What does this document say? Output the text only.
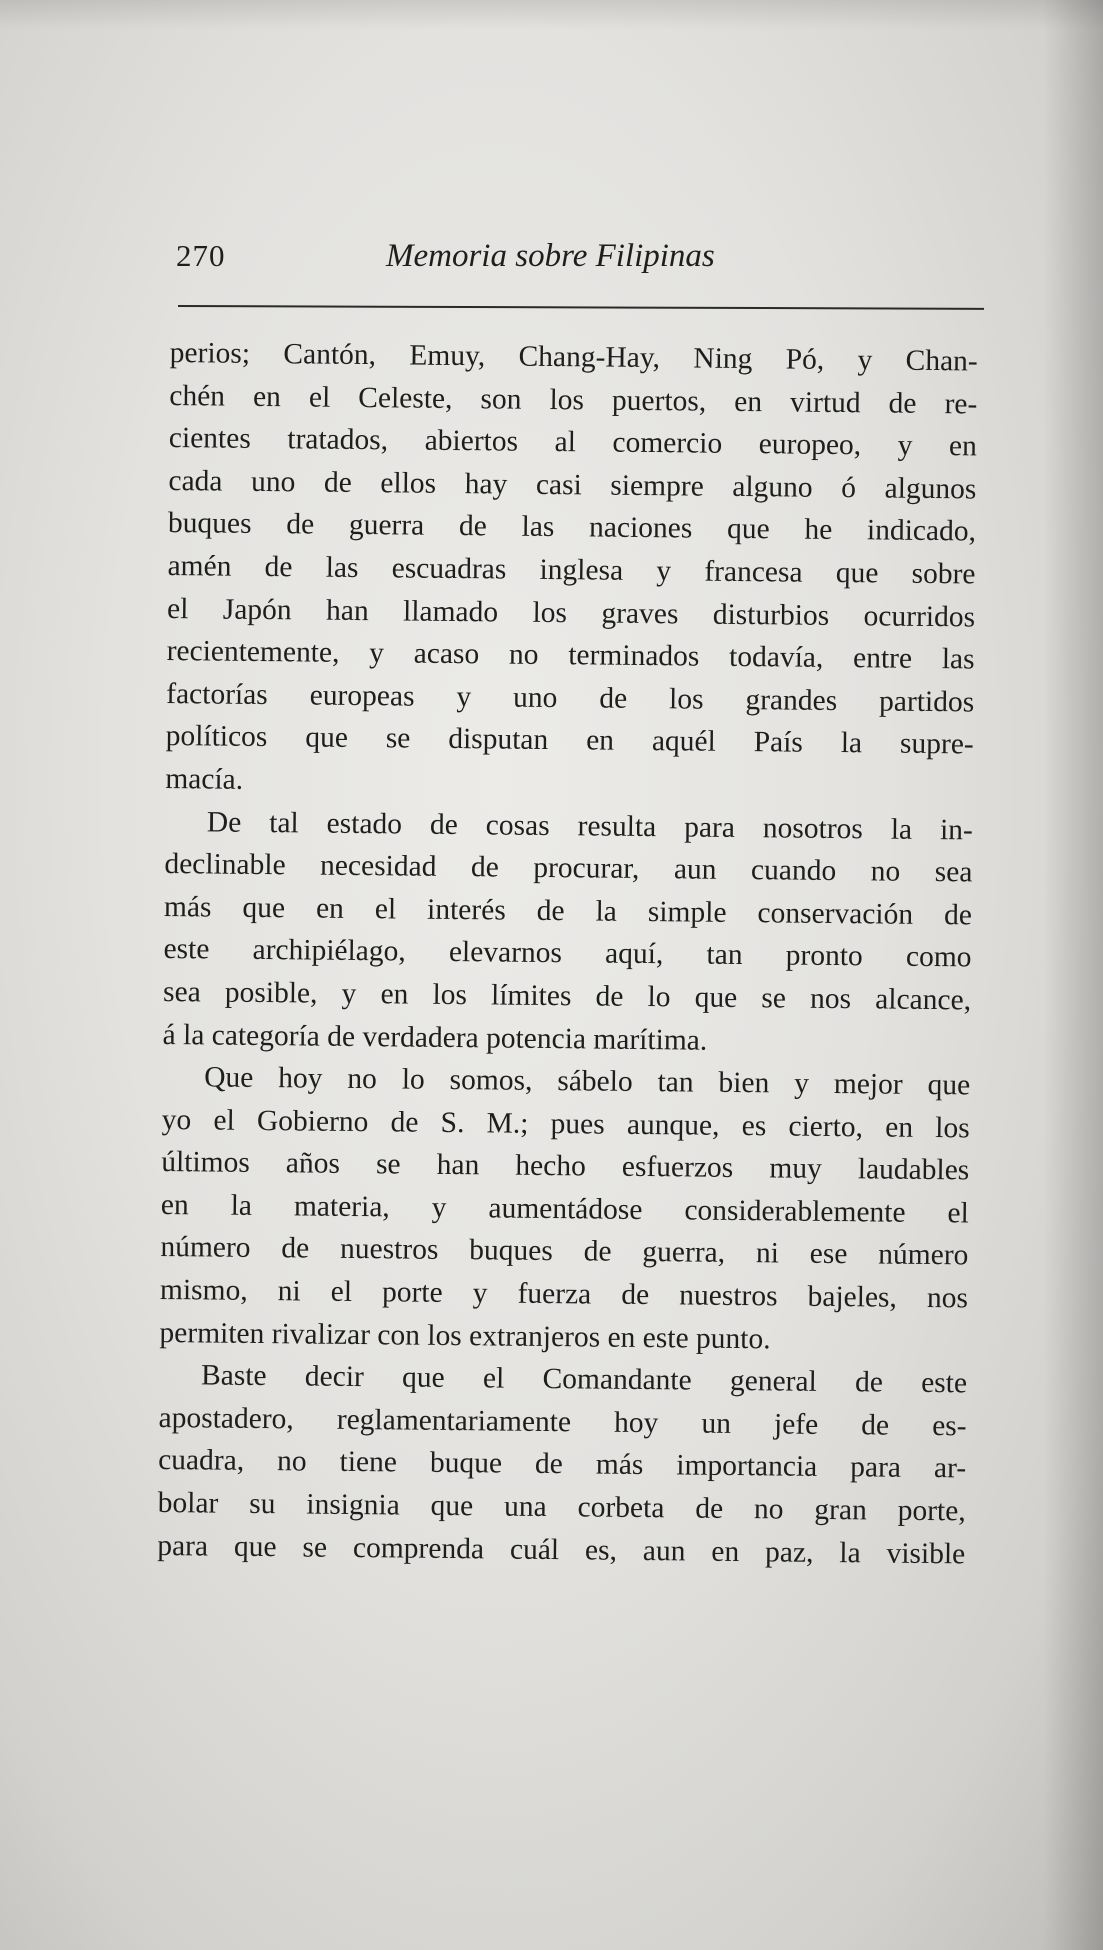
270	Memoria sobre Filipinas

perios; Cantón, Emuy, Chang-Hay, Ning Pó, y Chan-
chén en el Celeste, son los puertos, en virtud de re-
cientes tratados, abiertos al comercio europeo, y en
cada uno de ellos hay casi siempre alguno ó algunos
buques de guerra de las naciones que he indicado,
amén de las escuadras inglesa y francesa que sobre
el Japón han llamado los graves disturbios ocurridos
recientemente, y acaso no terminados todavía, entre las
factorías europeas y uno de los grandes partidos
políticos que se disputan en aquél País la supre-
macía.

De tal estado de cosas resulta para nosotros la in-
declinable necesidad de procurar, aun cuando no sea
más que en el interés de la simple conservación de
este archipiélago, elevarnos aquí, tan pronto como
sea posible, y en los límites de lo que se nos alcance,
á la categoría de verdadera potencia marítima.

Que hoy no lo somos, sábelo tan bien y mejor que
yo el Gobierno de S. M.; pues aunque, es cierto, en los
últimos años se han hecho esfuerzos muy laudables
en la materia, y aumentádose considerablemente el
número de nuestros buques de guerra, ni ese número
mismo, ni el porte y fuerza de nuestros bajeles, nos
permiten rivalizar con los extranjeros en este punto.

Baste decir que el Comandante general de este
apostadero, reglamentariamente hoy un jefe de es-
cuadra, no tiene buque de más importancia para ar-
bolar su insignia que una corbeta de no gran porte,
para que se comprenda cuál es, aun en paz, la visible
